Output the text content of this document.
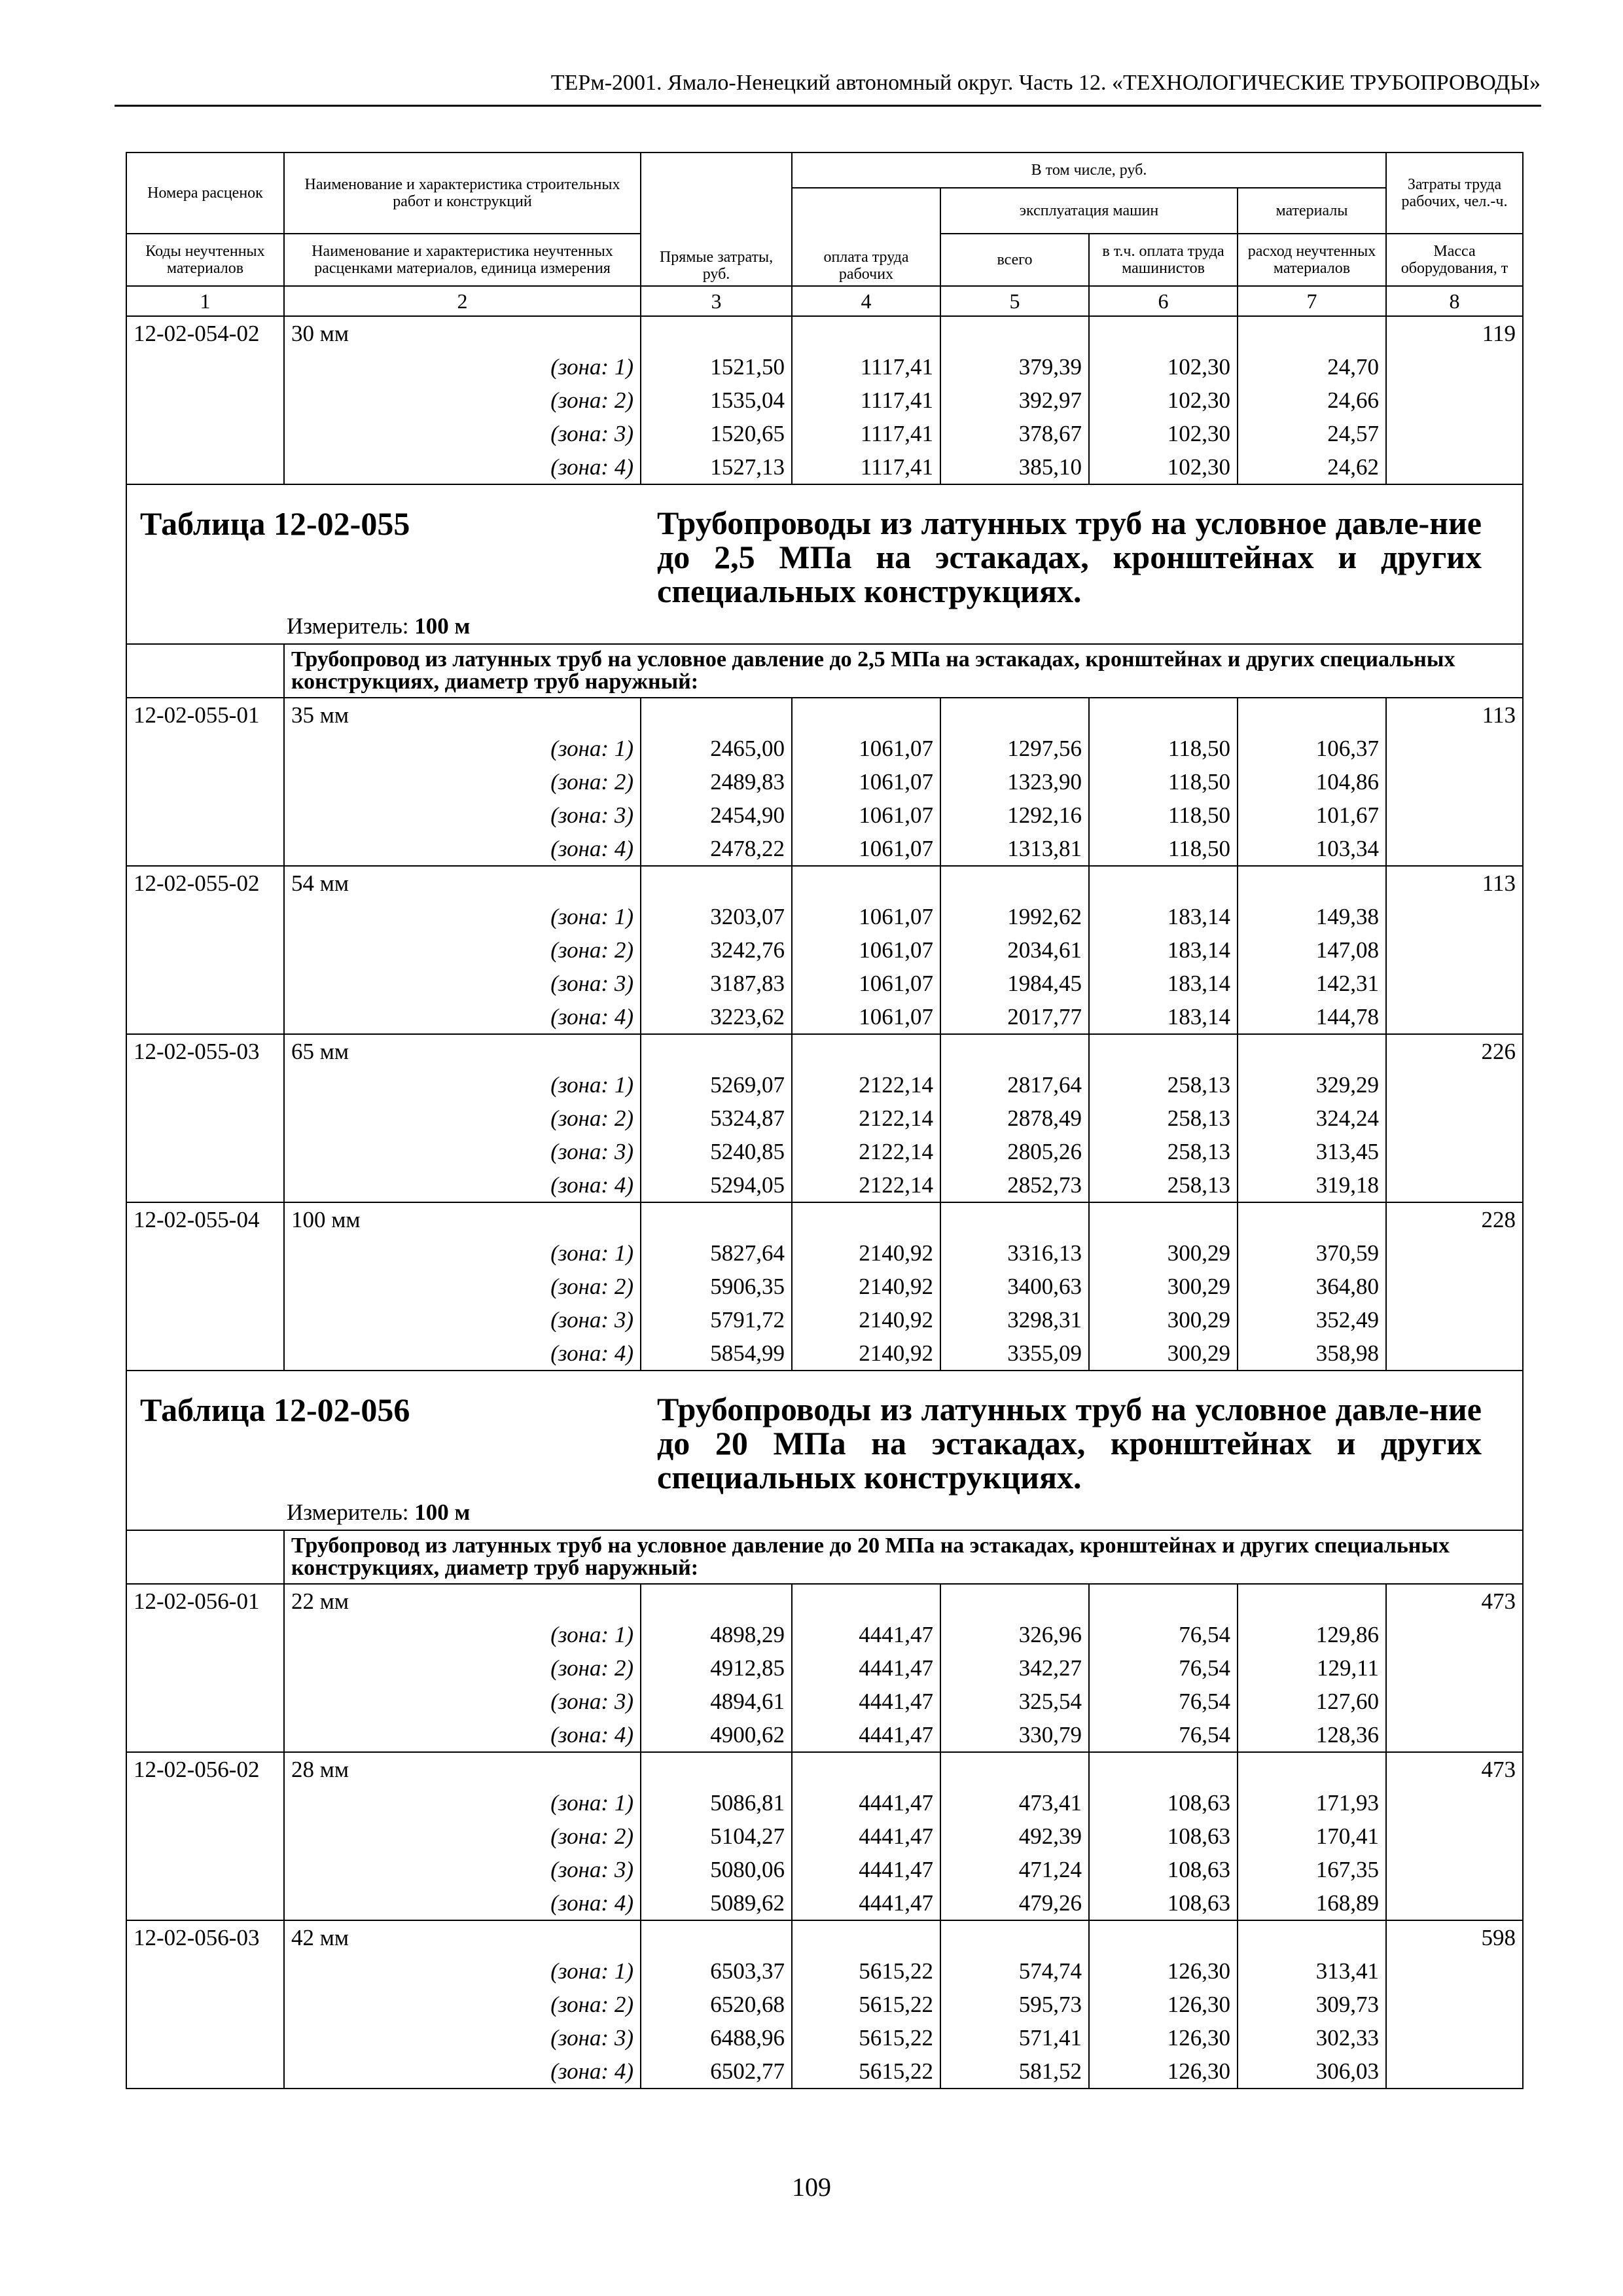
ТЕРм-2001. Ямало-Ненецкий автономный округ. Часть 12. «ТЕХНОЛОГИЧЕСКИЕ ТРУБОПРОВОДЫ»
Номера расценок	Наименование и характеристика строительных работ и конструкций	Прямые затраты, руб.	В том числе, руб.				Затраты труда рабочих, чел.-ч.
			оплата труда рабочих	эксплуатация машин		материалы	
Коды неучтенных материалов	Наименование и характеристика неучтенных расценками материалов, единица измерения			всего	в т.ч. оплата труда машинистов	расход неучтенных материалов	Масса оборудования, т
1	2	3	4	5	6	7	8
12-02-054-02	30 мм						119
	(зона: 1)	1521,50	1117,41	379,39	102,30	24,70	
	(зона: 2)	1535,04	1117,41	392,97	102,30	24,66	
	(зона: 3)	1520,65	1117,41	378,67	102,30	24,57	
	(зона: 4)	1527,13	1117,41	385,10	102,30	24,62	

Таблица 12-02-055 Трубопроводы из латунных труб на условное давле-ние до 2,5 МПа на эстакадах, кронштейнах и других специальных конструкциях.
Измеритель: 100 м							

	Трубопровод из латунных труб на условное давление до 2,5 МПа на эстакадах, кронштейнах и других специальных конструкциях, диаметр труб наружный:						
12-02-055-01	35 мм						113
	(зона: 1)	2465,00	1061,07	1297,56	118,50	106,37	
	(зона: 2)	2489,83	1061,07	1323,90	118,50	104,86	
	(зона: 3)	2454,90	1061,07	1292,16	118,50	101,67	
	(зона: 4)	2478,22	1061,07	1313,81	118,50	103,34	
12-02-055-02	54 мм						113
	(зона: 1)	3203,07	1061,07	1992,62	183,14	149,38	
	(зона: 2)	3242,76	1061,07	2034,61	183,14	147,08	
	(зона: 3)	3187,83	1061,07	1984,45	183,14	142,31	
	(зона: 4)	3223,62	1061,07	2017,77	183,14	144,78	
12-02-055-03	65 мм						226
	(зона: 1)	5269,07	2122,14	2817,64	258,13	329,29	
	(зона: 2)	5324,87	2122,14	2878,49	258,13	324,24	
	(зона: 3)	5240,85	2122,14	2805,26	258,13	313,45	
	(зона: 4)	5294,05	2122,14	2852,73	258,13	319,18	
12-02-055-04	100 мм						228
	(зона: 1)	5827,64	2140,92	3316,13	300,29	370,59	
	(зона: 2)	5906,35	2140,92	3400,63	300,29	364,80	
	(зона: 3)	5791,72	2140,92	3298,31	300,29	352,49	
	(зона: 4)	5854,99	2140,92	3355,09	300,29	358,98	

Таблица 12-02-056 Трубопроводы из латунных труб на условное давле-ние до 20 МПа на эстакадах, кронштейнах и других специальных конструкциях.
Измеритель: 100 м							

	Трубопровод из латунных труб на условное давление до 20 МПа на эстакадах, кронштейнах и других специальных конструкциях, диаметр труб наружный:						
12-02-056-01	22 мм						473
	(зона: 1)	4898,29	4441,47	326,96	76,54	129,86	
	(зона: 2)	4912,85	4441,47	342,27	76,54	129,11	
	(зона: 3)	4894,61	4441,47	325,54	76,54	127,60	
	(зона: 4)	4900,62	4441,47	330,79	76,54	128,36	
12-02-056-02	28 мм						473
	(зона: 1)	5086,81	4441,47	473,41	108,63	171,93	
	(зона: 2)	5104,27	4441,47	492,39	108,63	170,41	
	(зона: 3)	5080,06	4441,47	471,24	108,63	167,35	
	(зона: 4)	5089,62	4441,47	479,26	108,63	168,89	
12-02-056-03	42 мм						598
	(зона: 1)	6503,37	5615,22	574,74	126,30	313,41	
	(зона: 2)	6520,68	5615,22	595,73	126,30	309,73	
	(зона: 3)	6488,96	5615,22	571,41	126,30	302,33	
	(зона: 4)	6502,77	5615,22	581,52	126,30	306,03	
109
